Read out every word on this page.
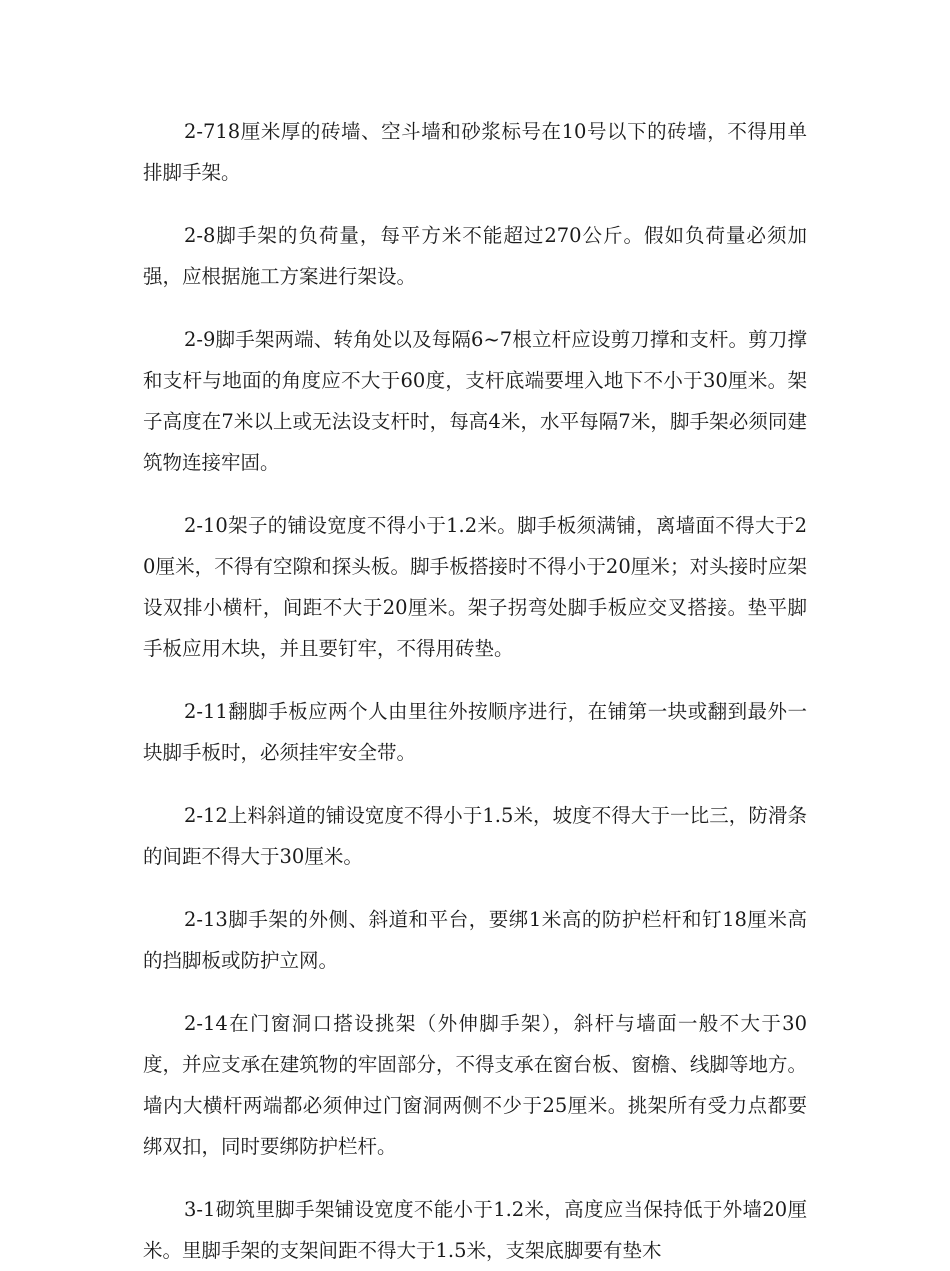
2-718厘米厚的砖墙、空斗墙和砂浆标号在10号以下的砖墙，不得用单排脚手架。

2-8脚手架的负荷量，每平方米不能超过270公斤。假如负荷量必须加强，应根据施工方案进行架设。

2-9脚手架两端、转角处以及每隔6~7根立杆应设剪刀撑和支杆。剪刀撑和支杆与地面的角度应不大于60度，支杆底端要埋入地下不小于30厘米。架子高度在7米以上或无法设支杆时，每高4米，水平每隔7米，脚手架必须同建筑物连接牢固。

2-10架子的铺设宽度不得小于1.2米。脚手板须满铺，离墙面不得大于20厘米，不得有空隙和探头板。脚手板搭接时不得小于20厘米；对头接时应架设双排小横杆，间距不大于20厘米。架子拐弯处脚手板应交叉搭接。垫平脚手板应用木块，并且要钉牢，不得用砖垫。

2-11翻脚手板应两个人由里往外按顺序进行，在铺第一块或翻到最外一块脚手板时，必须挂牢安全带。

2-12上料斜道的铺设宽度不得小于1.5米，坡度不得大于一比三，防滑条的间距不得大于30厘米。

2-13脚手架的外侧、斜道和平台，要绑1米高的防护栏杆和钉18厘米高的挡脚板或防护立网。

2-14在门窗洞口搭设挑架（外伸脚手架），斜杆与墙面一般不大于30度，并应支承在建筑物的牢固部分，不得支承在窗台板、窗檐、线脚等地方。墙内大横杆两端都必须伸过门窗洞两侧不少于25厘米。挑架所有受力点都要绑双扣，同时要绑防护栏杆。

3-1砌筑里脚手架铺设宽度不能小于1.2米，高度应当保持低于外墙20厘米。里脚手架的支架间距不得大于1.5米，支架底脚要有垫木
